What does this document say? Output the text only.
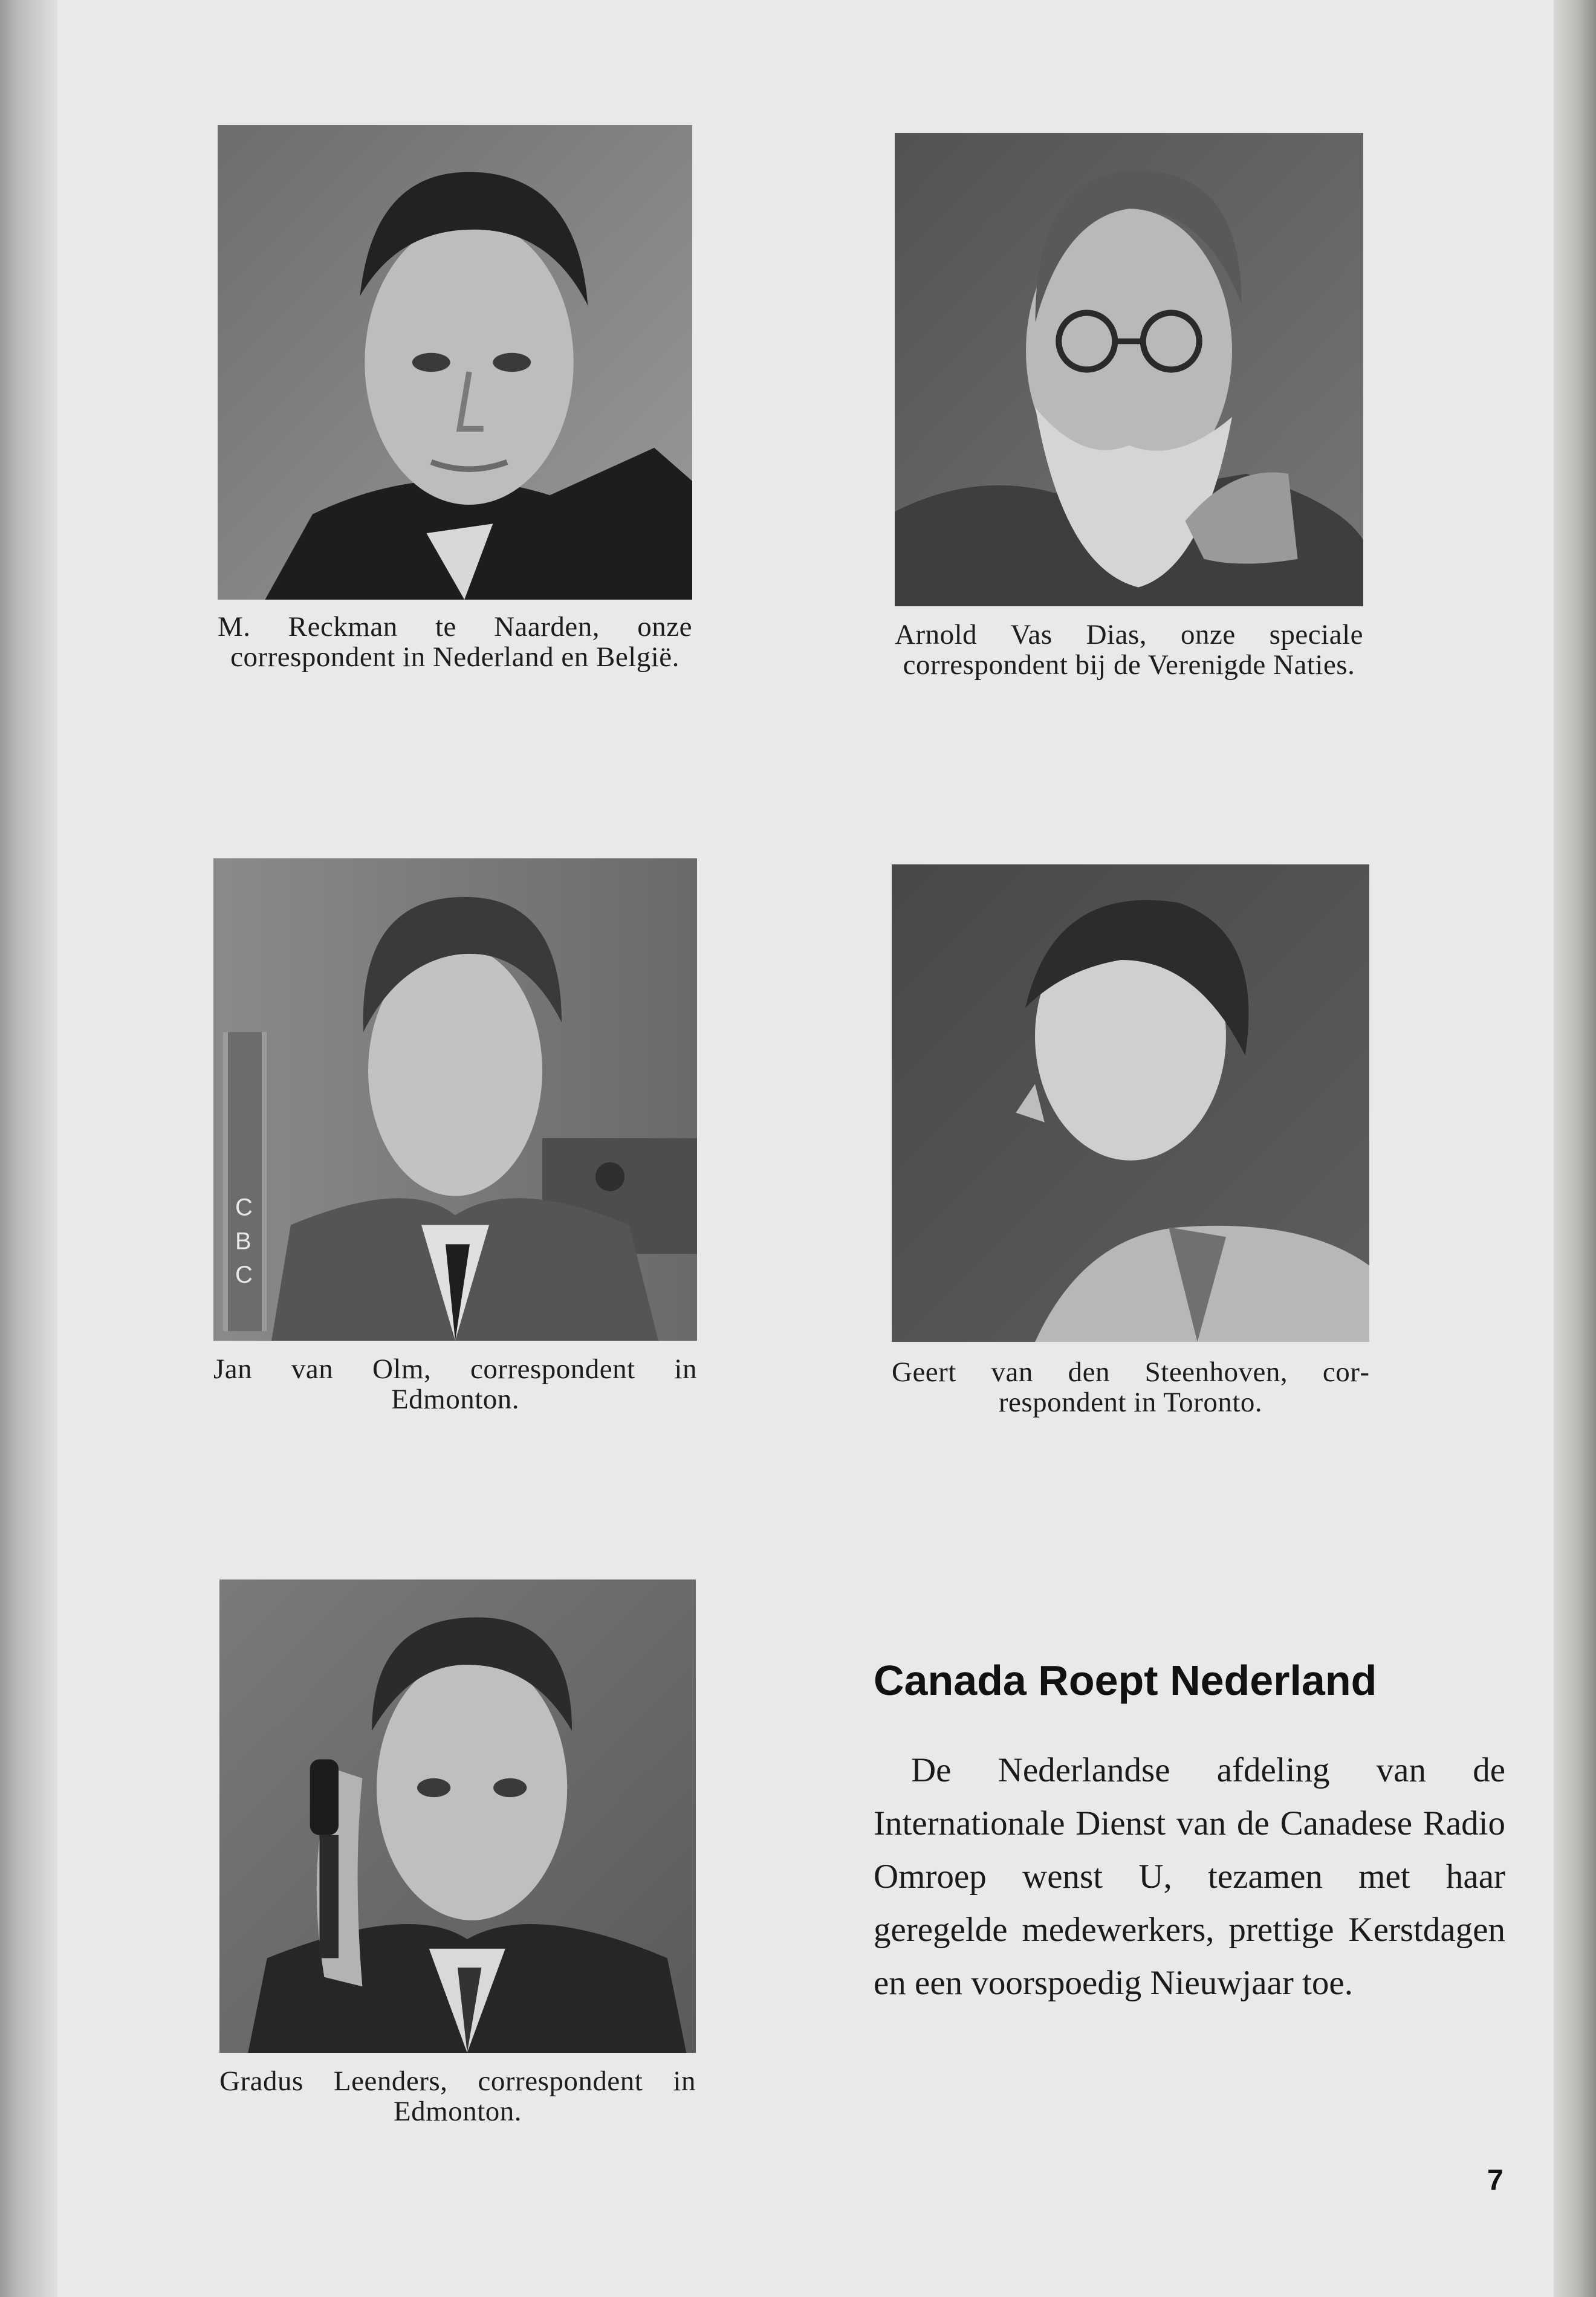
M. Reckman te Naarden, onze correspondent in Nederland en België.
Arnold Vas Dias, onze speciale correspondent bij de Verenigde Naties.
C
B
C
Jan van Olm, correspondent in Edmonton.
Geert van den Steenhoven, correspondent in Toronto.
Gradus Leenders, correspondent in Edmonton.
Canada Roept Nederland
De Nederlandse afdeling van de Internationale Dienst van de Canadese Radio Omroep wenst U, tezamen met haar geregelde medewerkers, prettige Kerstdagen en een voorspoedig Nieuwjaar toe.
7
